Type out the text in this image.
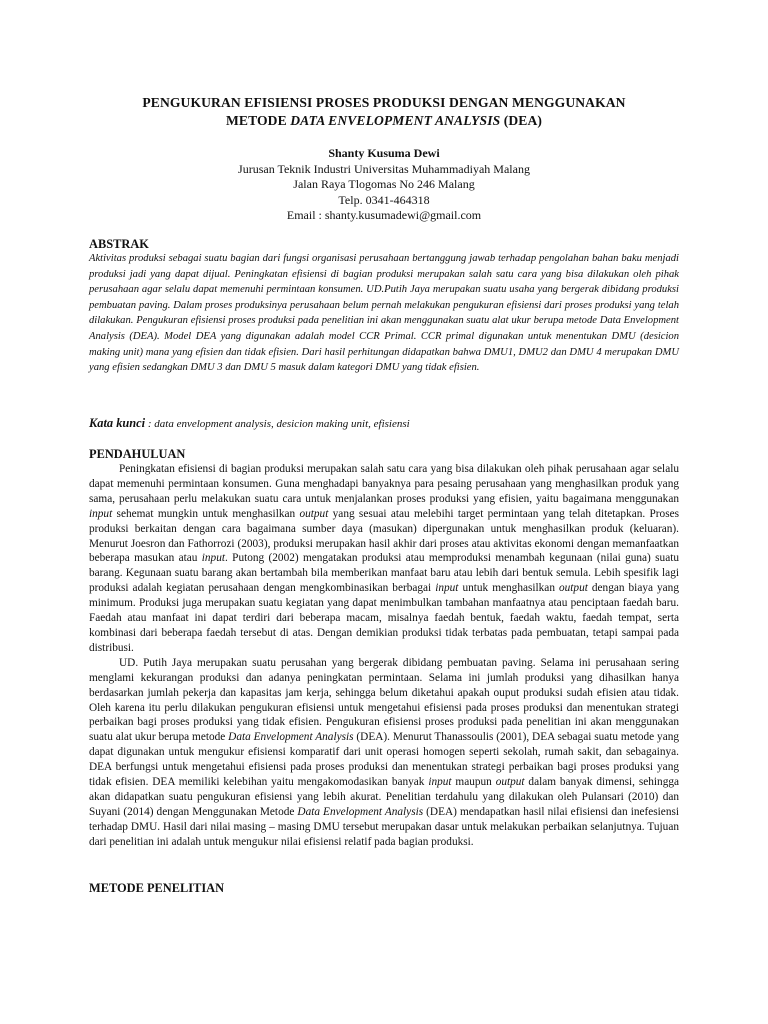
PENGUKURAN EFISIENSI PROSES PRODUKSI DENGAN MENGGUNAKAN
METODE DATA ENVELOPMENT ANALYSIS (DEA)
Shanty Kusuma Dewi
Jurusan Teknik Industri Universitas Muhammadiyah Malang
Jalan Raya Tlogomas No 246 Malang
Telp. 0341-464318
Email : shanty.kusumadewi@gmail.com
ABSTRAK
Aktivitas produksi sebagai suatu bagian dari fungsi organisasi perusahaan bertanggung jawab terhadap pengolahan bahan baku menjadi produksi jadi yang dapat dijual. Peningkatan efisiensi di bagian produksi merupakan salah satu cara yang bisa dilakukan oleh pihak perusahaan agar selalu dapat memenuhi permintaan konsumen. UD.Putih Jaya merupakan suatu usaha yang bergerak dibidang produksi pembuatan paving. Dalam proses produksinya perusahaan belum pernah melakukan pengukuran efisiensi dari proses produksi yang telah dilakukan. Pengukuran efisiensi proses produksi pada penelitian ini akan menggunakan suatu alat ukur berupa metode Data Envelopment Analysis (DEA). Model DEA yang digunakan adalah model CCR Primal. CCR primal digunakan untuk menentukan DMU (desicion making unit) mana yang efisien dan tidak efisien. Dari hasil perhitungan didapatkan bahwa DMU1, DMU2 dan DMU 4 merupakan DMU yang efisien sedangkan DMU 3 dan DMU 5 masuk dalam kategori DMU yang tidak efisien.
Kata kunci : data envelopment analysis, desicion making unit, efisiensi
PENDAHULUAN

Peningkatan efisiensi di bagian produksi merupakan salah satu cara yang bisa dilakukan oleh pihak perusahaan agar selalu dapat memenuhi permintaan konsumen. Guna menghadapi banyaknya para pesaing perusahaan yang menghasilkan produk yang sama, perusahaan perlu melakukan suatu cara untuk menjalankan proses produksi yang efisien, yaitu bagaimana menggunakan input sehemat mungkin untuk menghasilkan output yang sesuai atau melebihi target permintaan yang telah ditetapkan. Proses produksi berkaitan dengan cara bagaimana sumber daya (masukan) dipergunakan untuk menghasilkan produk (keluaran). Menurut Joesron dan Fathorrozi (2003), produksi merupakan hasil akhir dari proses atau aktivitas ekonomi dengan memanfaatkan beberapa masukan atau input. Putong (2002) mengatakan produksi atau memproduksi menambah kegunaan (nilai guna) suatu barang. Kegunaan suatu barang akan bertambah bila memberikan manfaat baru atau lebih dari bentuk semula. Lebih spesifik lagi produksi adalah kegiatan perusahaan dengan mengkombinasikan berbagai input untuk menghasilkan output dengan biaya yang minimum. Produksi juga merupakan suatu kegiatan yang dapat menimbulkan tambahan manfaatnya atau penciptaan faedah baru. Faedah atau manfaat ini dapat terdiri dari beberapa macam, misalnya faedah bentuk, faedah waktu, faedah tempat, serta kombinasi dari beberapa faedah tersebut di atas. Dengan demikian produksi tidak terbatas pada pembuatan, tetapi sampai pada distribusi.

UD. Putih Jaya merupakan suatu perusahan yang bergerak dibidang pembuatan paving. Selama ini perusahaan sering menglami kekurangan produksi dan adanya peningkatan permintaan. Selama ini jumlah produksi yang dihasilkan hanya berdasarkan jumlah pekerja dan kapasitas jam kerja, sehingga belum diketahui apakah ouput produksi sudah efisien atau tidak. Oleh karena itu perlu dilakukan pengukuran efisiensi untuk mengetahui efisiensi pada proses produksi dan menentukan strategi perbaikan bagi proses produksi yang tidak efisien. Pengukuran efisiensi proses produksi pada penelitian ini akan menggunakan suatu alat ukur berupa metode Data Envelopment Analysis (DEA). Menurut Thanassoulis (2001), DEA sebagai suatu metode yang dapat digunakan untuk mengukur efisiensi komparatif dari unit operasi homogen seperti sekolah, rumah sakit, dan sebagainya. DEA berfungsi untuk mengetahui efisiensi pada proses produksi dan menentukan strategi perbaikan bagi proses produksi yang tidak efisien. DEA memiliki kelebihan yaitu mengakomodasikan banyak input maupun output dalam banyak dimensi, sehingga akan didapatkan suatu pengukuran efisiensi yang lebih akurat. Penelitian terdahulu yang dilakukan oleh Pulansari (2010) dan Suyani (2014) dengan Menggunakan Metode Data Envelopment Analysis (DEA) mendapatkan hasil nilai efisiensi dan inefesiensi terhadap DMU. Hasil dari nilai masing – masing DMU tersebut merupakan dasar untuk melakukan perbaikan selanjutnya. Tujuan dari penelitian ini adalah untuk mengukur nilai efisiensi relatif pada bagian produksi.

METODE PENELITIAN
